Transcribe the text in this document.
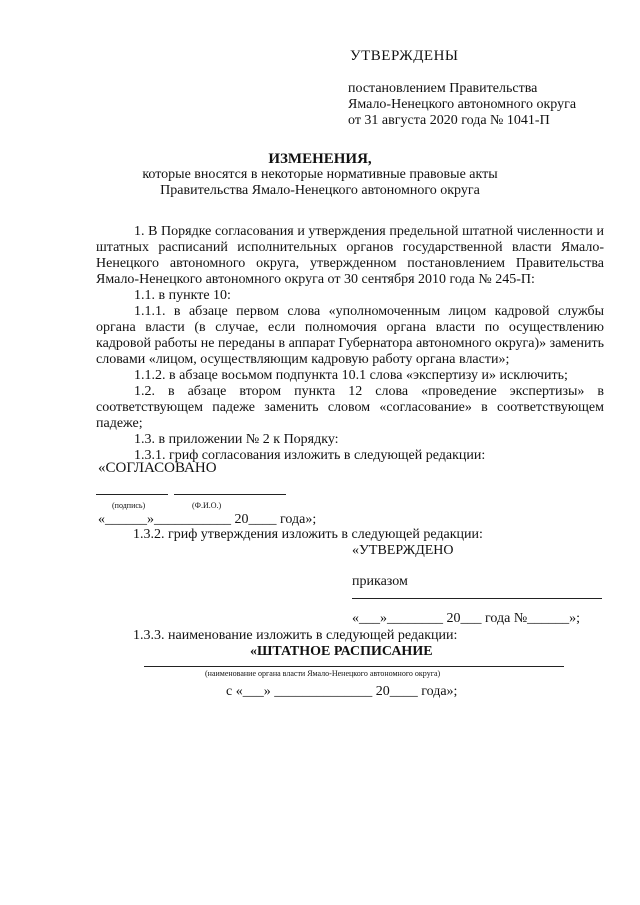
УТВЕРЖДЕНЫ
постановлением Правительства
Ямало-Ненецкого автономного округа
от 31 августа 2020 года № 1041-П
ИЗМЕНЕНИЯ,
которые вносятся в некоторые нормативные правовые акты
Правительства Ямало-Ненецкого автономного округа

1. В Порядке согласования и утверждения предельной штатной численности и штатных расписаний исполнительных органов государственной власти Ямало-Ненецкого автономного округа, утвержденном постановлением Правительства Ямало-Ненецкого автономного округа от 30 сентября 2010 года № 245-П:

1.1. в пункте 10:

1.1.1. в абзаце первом слова «уполномоченным лицом кадровой службы органа власти (в случае, если полномочия органа власти по осуществлению кадровой работы не переданы в аппарат Губернатора автономного округа)» заменить словами «лицом, осуществляющим кадровую работу органа власти»;

1.1.2. в абзаце восьмом подпункта 10.1 слова «экспертизу и» исключить;

1.2. в абзаце втором пункта 12 слова «проведение экспертизы» в соответствующем падеже заменить словом «согласование» в соответствующем падеже;

1.3. в приложении № 2 к Порядку:

1.3.1. гриф согласования изложить в следующей редакции:

«СОГЛАСОВАНО
(подпись)	(Ф.И.О.)
«______»___________ 20____ года»;
1.3.2. гриф утверждения изложить в следующей редакции:
«УТВЕРЖДЕНО
приказом
«___»________ 20___ года №______»;
1.3.3. наименование изложить в следующей редакции:
«ШТАТНОЕ РАСПИСАНИЕ
(наименование органа власти Ямало-Ненецкого автономного округа)
с «___» ______________ 20____ года»;
